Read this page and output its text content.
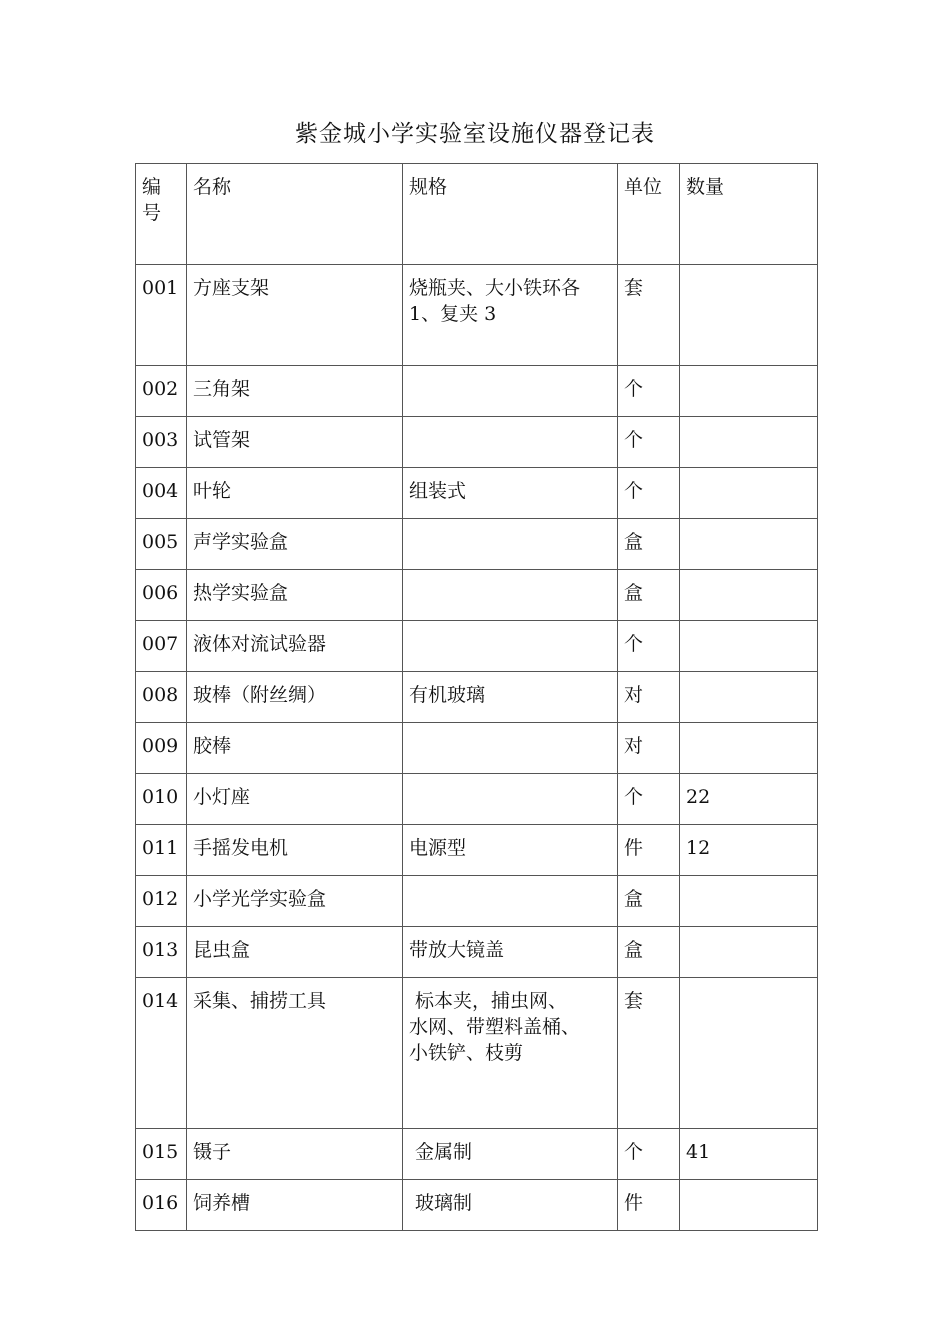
紫金城小学实验室设施仪器登记表
编
号	名称	规格	单位	数量
001	方座支架	烧瓶夹、大小铁环各
1、复夹 3	套	
002	三角架		个	
003	试管架		个	
004	叶轮	组装式	个	
005	声学实验盒		盒	
006	热学实验盒		盒	
007	液体对流试验器		个	
008	玻棒（附丝绸）	有机玻璃	对	
009	胶棒		对	
010	小灯座		个	22
011	手摇发电机	电源型	件	12
012	小学光学实验盒		盒	
013	昆虫盒	带放大镜盖	盒	
014	采集、捕捞工具	标本夹，捕虫网、
水网、带塑料盖桶、
小铁铲、枝剪	套	
015	镊子	金属制	个	41
016	饲养槽	玻璃制	件	
